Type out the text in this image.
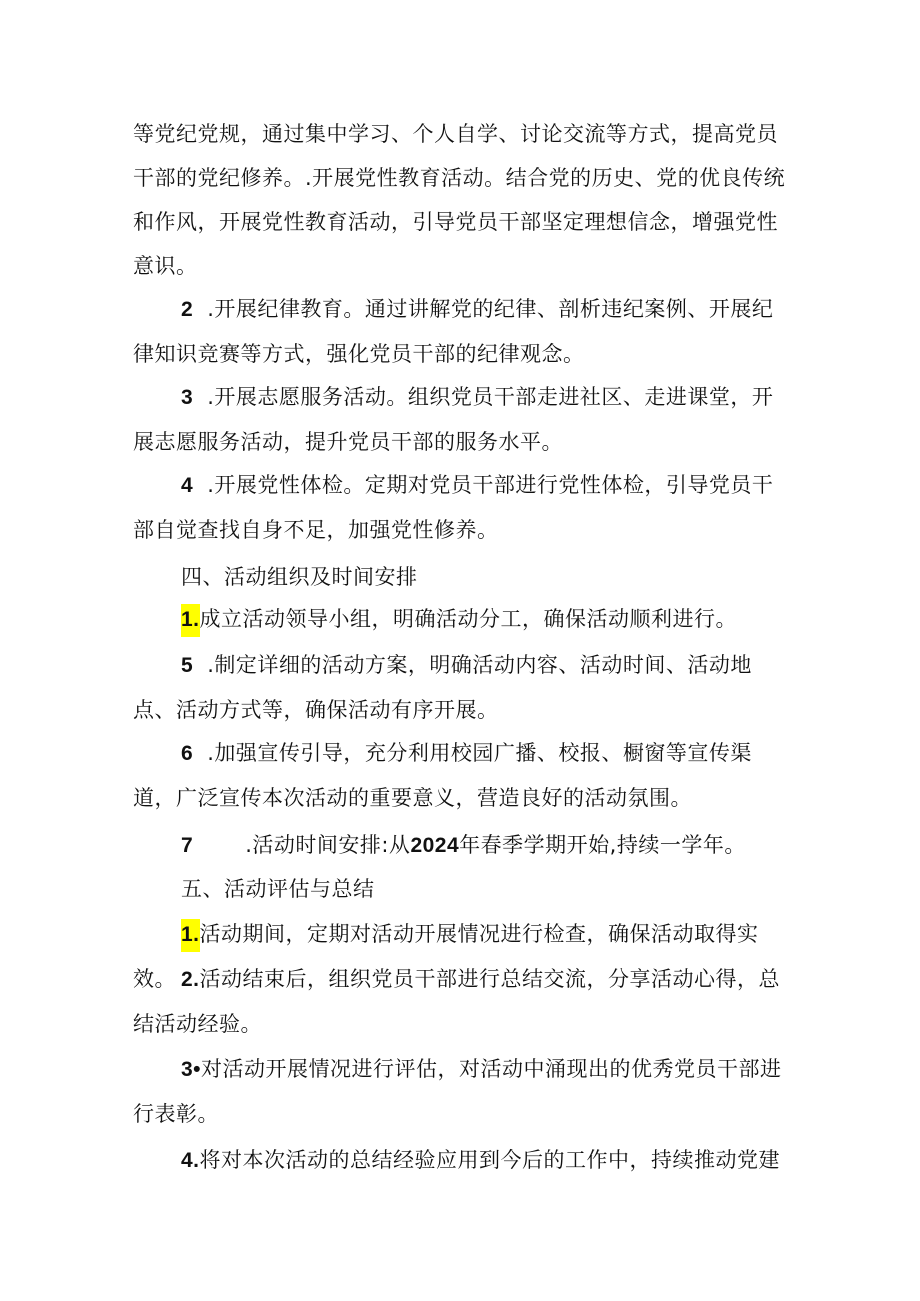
等党纪党规，通过集中学习、个人自学、讨论交流等方式，提高党员干部的党纪修养。.开展党性教育活动。结合党的历史、党的优良传统和作风，开展党性教育活动，引导党员干部坚定理想信念，增强党性意识。
2 .开展纪律教育。通过讲解党的纪律、剖析违纪案例、开展纪律知识竞赛等方式，强化党员干部的纪律观念。
3 .开展志愿服务活动。组织党员干部走进社区、走进课堂，开展志愿服务活动，提升党员干部的服务水平。
4 .开展党性体检。定期对党员干部进行党性体检，引导党员干部自觉查找自身不足，加强党性修养。
四、活动组织及时间安排
1.成立活动领导小组，明确活动分工，确保活动顺利进行。
5 .制定详细的活动方案，明确活动内容、活动时间、活动地点、活动方式等，确保活动有序开展。
6 .加强宣传引导，充分利用校园广播、校报、橱窗等宣传渠道，广泛宣传本次活动的重要意义，营造良好的活动氛围。
7 .活动时间安排:从2024年春季学期开始,持续一学年。
五、活动评估与总结
1.活动期间，定期对活动开展情况进行检查，确保活动取得实效。 2.活动结束后，组织党员干部进行总结交流，分享活动心得，总结活动经验。
3•对活动开展情况进行评估，对活动中涌现出的优秀党员干部进行表彰。
4.将对本次活动的总结经验应用到今后的工作中，持续推动党建
